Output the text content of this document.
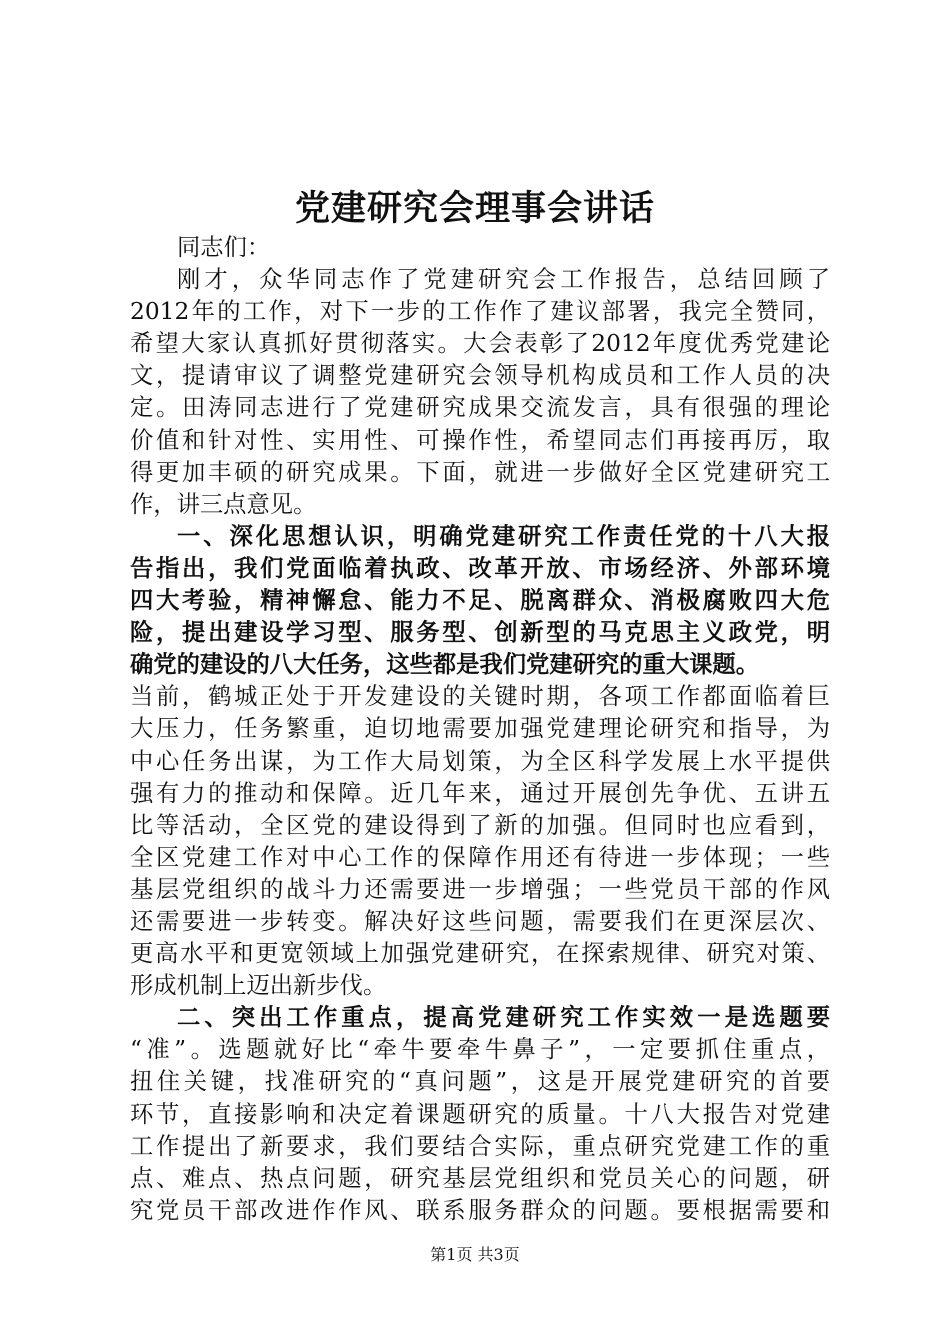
党建研究会理事会讲话
同志们：
刚才，众华同志作了党建研究会工作报告，总结回顾了
2012年的工作，对下一步的工作作了建议部署，我完全赞同，
希望大家认真抓好贯彻落实。大会表彰了2012年度优秀党建论
文，提请审议了调整党建研究会领导机构成员和工作人员的决
定。田涛同志进行了党建研究成果交流发言，具有很强的理论
价值和针对性、实用性、可操作性，希望同志们再接再厉，取
得更加丰硕的研究成果。下面，就进一步做好全区党建研究工
作，讲三点意见。
一、深化思想认识，明确党建研究工作责任党的十八大报
告指出，我们党面临着执政、改革开放、市场经济、外部环境
四大考验，精神懈怠、能力不足、脱离群众、消极腐败四大危
险，提出建设学习型、服务型、创新型的马克思主义政党，明
确党的建设的八大任务，这些都是我们党建研究的重大课题。
当前，鹤城正处于开发建设的关键时期，各项工作都面临着巨
大压力，任务繁重，迫切地需要加强党建理论研究和指导，为
中心任务出谋，为工作大局划策，为全区科学发展上水平提供
强有力的推动和保障。近几年来，通过开展创先争优、五讲五
比等活动，全区党的建设得到了新的加强。但同时也应看到，
全区党建工作对中心工作的保障作用还有待进一步体现；一些
基层党组织的战斗力还需要进一步增强；一些党员干部的作风
还需要进一步转变。解决好这些问题，需要我们在更深层次、
更高水平和更宽领域上加强党建研究，在探索规律、研究对策、
形成机制上迈出新步伐。
二、突出工作重点，提高党建研究工作实效一是选题要
“准”。选题就好比“牵牛要牵牛鼻子”，一定要抓住重点，
扭住关键，找准研究的“真问题”，这是开展党建研究的首要
环节，直接影响和决定着课题研究的质量。十八大报告对党建
工作提出了新要求，我们要结合实际，重点研究党建工作的重
点、难点、热点问题，研究基层党组织和党员关心的问题，研
究党员干部改进作作风、联系服务群众的问题。要根据需要和
第1页 共3页
